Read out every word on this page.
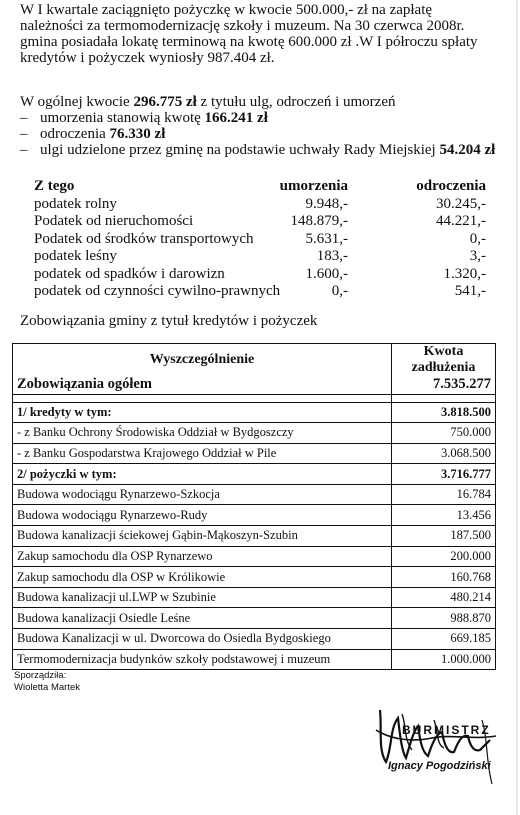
W I kwartale zaciągnięto pożyczkę w kwocie 500.000,- zł na zapłatę
należności za termomodernizację szkoły i muzeum. Na 30 czerwca 2008r.
gmina posiadała lokatę terminową na kwotę 600.000 zł .W I półroczu spłaty
kredytów i pożyczek wyniosły 987.404 zł.
W ogólnej kwocie 296.775 zł z tytułu ulg, odroczeń i umorzeń
– umorzenia stanowią kwotę 166.241 zł
– odroczenia 76.330 zł
– ulgi udzielone przez gminę na podstawie uchwały Rady Miejskiej 54.204 zł
Z tego	umorzenia	odroczenia
podatek rolny	9.948,-	30.245,-
Podatek od nieruchomości	148.879,-	44.221,-
Podatek od środków transportowych	5.631,-	0,-
podatek leśny	183,-	3,-
podatek od spadków i darowizn	1.600,-	1.320,-
podatek od czynności cywilno-prawnych	0,-	541,-
Zobowiązania gminy z tytuł kredytów i pożyczek
Wyszczególnienie	Kwota zadłużenia
Zobowiązania ogółem	7.535.277

1/ kredyty w tym:	3.818.500
- z Banku Ochrony Środowiska Oddział w Bydgoszczy	750.000
- z Banku Gospodarstwa Krajowego Oddział w Pile	3.068.500
2/ pożyczki w tym:	3.716.777
Budowa wodociągu Rynarzewo-Szkocja	16.784
Budowa wodociągu Rynarzewo-Rudy	13.456
Budowa kanalizacji ściekowej Gąbin-Mąkoszyn-Szubin	187.500
Zakup samochodu dla OSP Rynarzewo	200.000
Zakup samochodu dla OSP w Królikowie	160.768
Budowa kanalizacji ul.LWP w Szubinie	480.214
Budowa kanalizacji Osiedle Leśne	988.870
Budowa Kanalizacji w ul. Dworcowa do Osiedla Bydgoskiego	669.185
Termomodernizacja budynków szkoły podstawowej i muzeum	1.000.000
Sporządziła:
Wioletta Martek
BURMISTRZ
Ignacy Pogodziński
